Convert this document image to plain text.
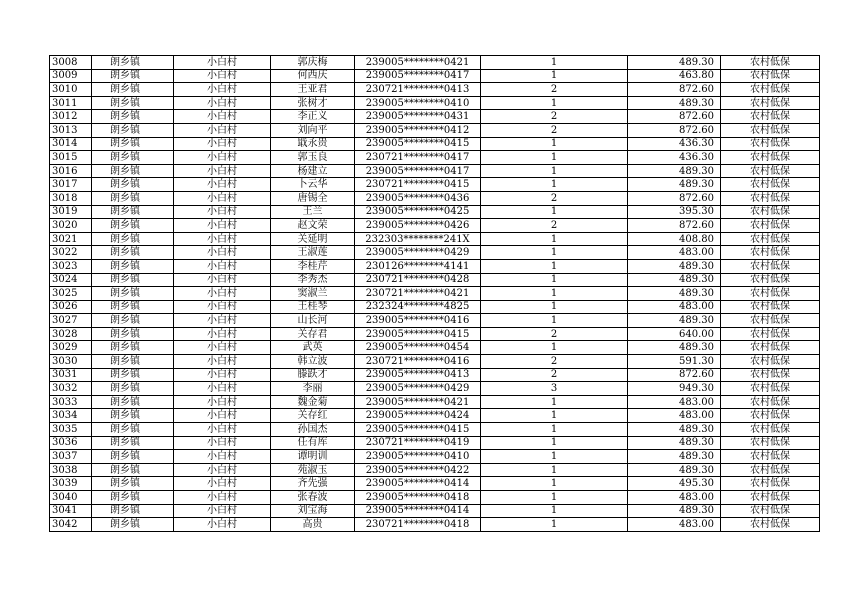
3008	朗乡镇	小白村	郭庆梅	239005********0421	1	489.30	农村低保
3009	朗乡镇	小白村	何西庆	239005********0417	1	463.80	农村低保
3010	朗乡镇	小白村	王亚君	230721********0413	2	872.60	农村低保
3011	朗乡镇	小白村	张树才	239005********0410	1	489.30	农村低保
3012	朗乡镇	小白村	李正义	239005********0431	2	872.60	农村低保
3013	朗乡镇	小白村	刘向平	239005********0412	2	872.60	农村低保
3014	朗乡镇	小白村	戢永贵	239005********0415	1	436.30	农村低保
3015	朗乡镇	小白村	郭玉良	230721********0417	1	436.30	农村低保
3016	朗乡镇	小白村	杨建立	239005********0417	1	489.30	农村低保
3017	朗乡镇	小白村	卜云华	230721********0415	1	489.30	农村低保
3018	朗乡镇	小白村	唐锡全	239005********0436	2	872.60	农村低保
3019	朗乡镇	小白村	王兰	239005********0425	1	395.30	农村低保
3020	朗乡镇	小白村	赵文荣	239005********0426	2	872.60	农村低保
3021	朗乡镇	小白村	关延明	232303********241X	1	408.80	农村低保
3022	朗乡镇	小白村	王淑莲	239005********0429	1	483.00	农村低保
3023	朗乡镇	小白村	李桂芹	230126********4141	1	489.30	农村低保
3024	朗乡镇	小白村	李秀杰	230721********0428	1	489.30	农村低保
3025	朗乡镇	小白村	窦淑兰	230721********0421	1	489.30	农村低保
3026	朗乡镇	小白村	王桂琴	232324********4825	1	483.00	农村低保
3027	朗乡镇	小白村	山长河	239005********0416	1	489.30	农村低保
3028	朗乡镇	小白村	关存君	239005********0415	2	640.00	农村低保
3029	朗乡镇	小白村	武英	239005********0454	1	489.30	农村低保
3030	朗乡镇	小白村	韩立波	230721********0416	2	591.30	农村低保
3031	朗乡镇	小白村	滕跃才	239005********0413	2	872.60	农村低保
3032	朗乡镇	小白村	李丽	239005********0429	3	949.30	农村低保
3033	朗乡镇	小白村	魏金菊	239005********0421	1	483.00	农村低保
3034	朗乡镇	小白村	关存红	239005********0424	1	483.00	农村低保
3035	朗乡镇	小白村	孙国杰	239005********0415	1	489.30	农村低保
3036	朗乡镇	小白村	任有库	230721********0419	1	489.30	农村低保
3037	朗乡镇	小白村	谭明训	239005********0410	1	489.30	农村低保
3038	朗乡镇	小白村	苑淑玉	239005********0422	1	489.30	农村低保
3039	朗乡镇	小白村	齐先强	239005********0414	1	495.30	农村低保
3040	朗乡镇	小白村	张春波	239005********0418	1	483.00	农村低保
3041	朗乡镇	小白村	刘宝海	239005********0414	1	489.30	农村低保
3042	朗乡镇	小白村	高贵	230721********0418	1	483.00	农村低保
